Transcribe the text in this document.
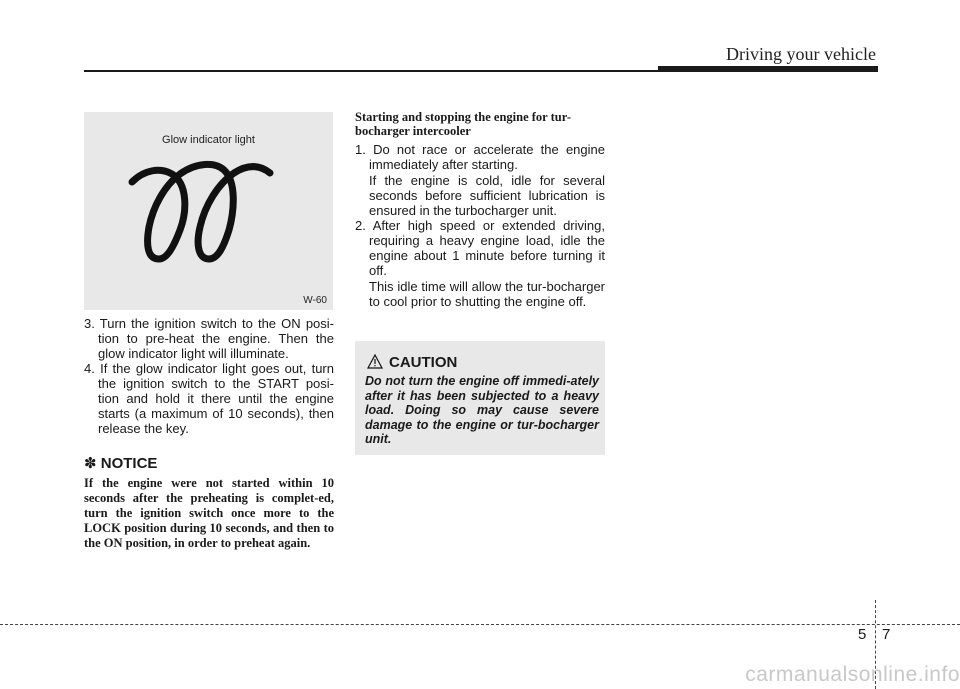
Driving your vehicle
Glow indicator light
W-60
3. Turn the ignition switch to the ON posi-tion to pre-heat the engine. Then the glow indicator light will illuminate.
4. If the glow indicator light goes out, turn the ignition switch to the START posi-tion and hold it there until the engine starts (a maximum of 10 seconds), then release the key.
✽ NOTICE
If the engine were not started within 10 seconds after the preheating is complet-ed, turn the ignition switch once more to the LOCK position during 10 seconds, and then to the ON position, in order to preheat again.
Starting and stopping the engine for tur-bocharger intercooler
1. Do not race or accelerate the engine immediately after starting.
If the engine is cold, idle for several seconds before sufficient lubrication is ensured in the turbocharger unit.
2. After high speed or extended driving, requiring a heavy engine load, idle the engine about 1 minute before turning it off.
This idle time will allow the tur-bocharger to cool prior to shutting the engine off.
CAUTION
Do not turn the engine off immedi-ately after it has been subjected to a heavy load. Doing so may cause severe damage to the engine or tur-bocharger unit.
5 7
carmanualsonline.info
